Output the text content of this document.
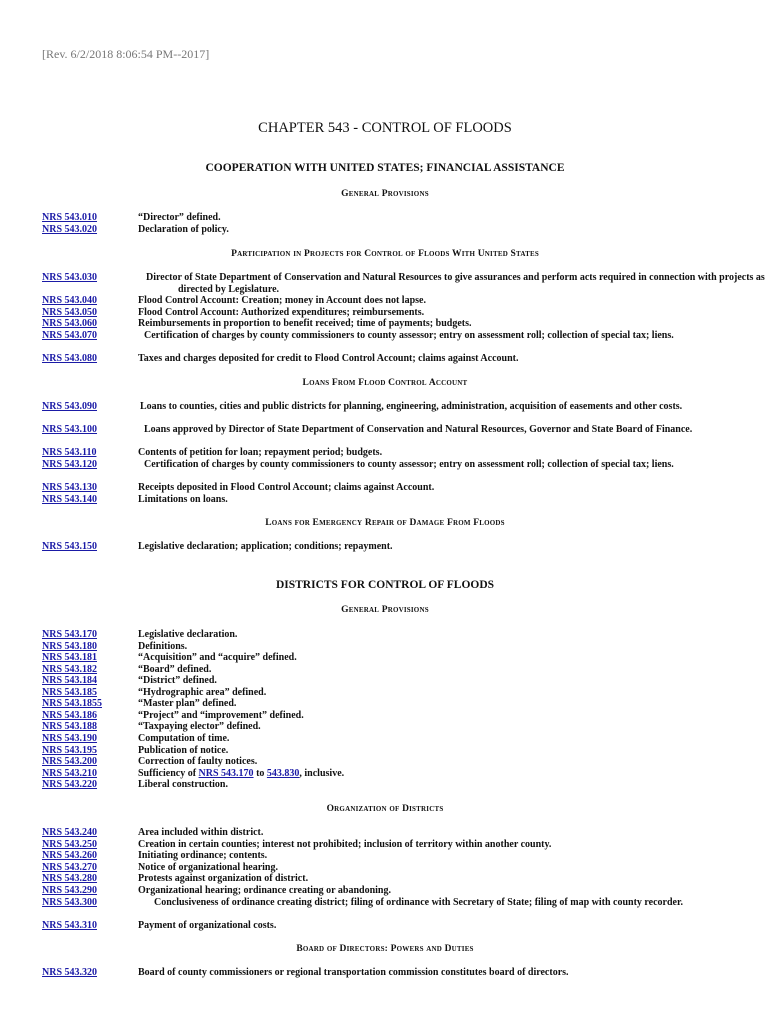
[Rev. 6/2/2018 8:06:54 PM--2017]
CHAPTER 543 - CONTROL OF FLOODS
COOPERATION WITH UNITED STATES; FINANCIAL ASSISTANCE
General Provisions
NRS 543.010	“Director” defined.
NRS 543.020	Declaration of policy.
Participation in Projects for Control of Floods With United States
NRS 543.030	Director of State Department of Conservation and Natural Resources to give assurances and perform acts required in connection with projects as directed by Legislature.
NRS 543.040	Flood Control Account: Creation; money in Account does not lapse.
NRS 543.050	Flood Control Account: Authorized expenditures; reimbursements.
NRS 543.060	Reimbursements in proportion to benefit received; time of payments; budgets.
NRS 543.070	Certification of charges by county commissioners to county assessor; entry on assessment roll; collection of special tax; liens.
NRS 543.080	Taxes and charges deposited for credit to Flood Control Account; claims against Account.
Loans From Flood Control Account
NRS 543.090	Loans to counties, cities and public districts for planning, engineering, administration, acquisition of easements and other costs.
NRS 543.100	Loans approved by Director of State Department of Conservation and Natural Resources, Governor and State Board of Finance.
NRS 543.110	Contents of petition for loan; repayment period; budgets.
NRS 543.120	Certification of charges by county commissioners to county assessor; entry on assessment roll; collection of special tax; liens.
NRS 543.130	Receipts deposited in Flood Control Account; claims against Account.
NRS 543.140	Limitations on loans.
Loans for Emergency Repair of Damage From Floods
NRS 543.150	Legislative declaration; application; conditions; repayment.
DISTRICTS FOR CONTROL OF FLOODS
General Provisions
NRS 543.170	Legislative declaration.
NRS 543.180	Definitions.
NRS 543.181	“Acquisition” and “acquire” defined.
NRS 543.182	“Board” defined.
NRS 543.184	“District” defined.
NRS 543.185	“Hydrographic area” defined.
NRS 543.1855	“Master plan” defined.
NRS 543.186	“Project” and “improvement” defined.
NRS 543.188	“Taxpaying elector” defined.
NRS 543.190	Computation of time.
NRS 543.195	Publication of notice.
NRS 543.200	Correction of faulty notices.
NRS 543.210	Sufficiency of NRS 543.170 to 543.830, inclusive.
NRS 543.220	Liberal construction.
Organization of Districts
NRS 543.240	Area included within district.
NRS 543.250	Creation in certain counties; interest not prohibited; inclusion of territory within another county.
NRS 543.260	Initiating ordinance; contents.
NRS 543.270	Notice of organizational hearing.
NRS 543.280	Protests against organization of district.
NRS 543.290	Organizational hearing; ordinance creating or abandoning.
NRS 543.300	Conclusiveness of ordinance creating district; filing of ordinance with Secretary of State; filing of map with county recorder.
NRS 543.310	Payment of organizational costs.
Board of Directors: Powers and Duties
NRS 543.320	Board of county commissioners or regional transportation commission constitutes board of directors.
